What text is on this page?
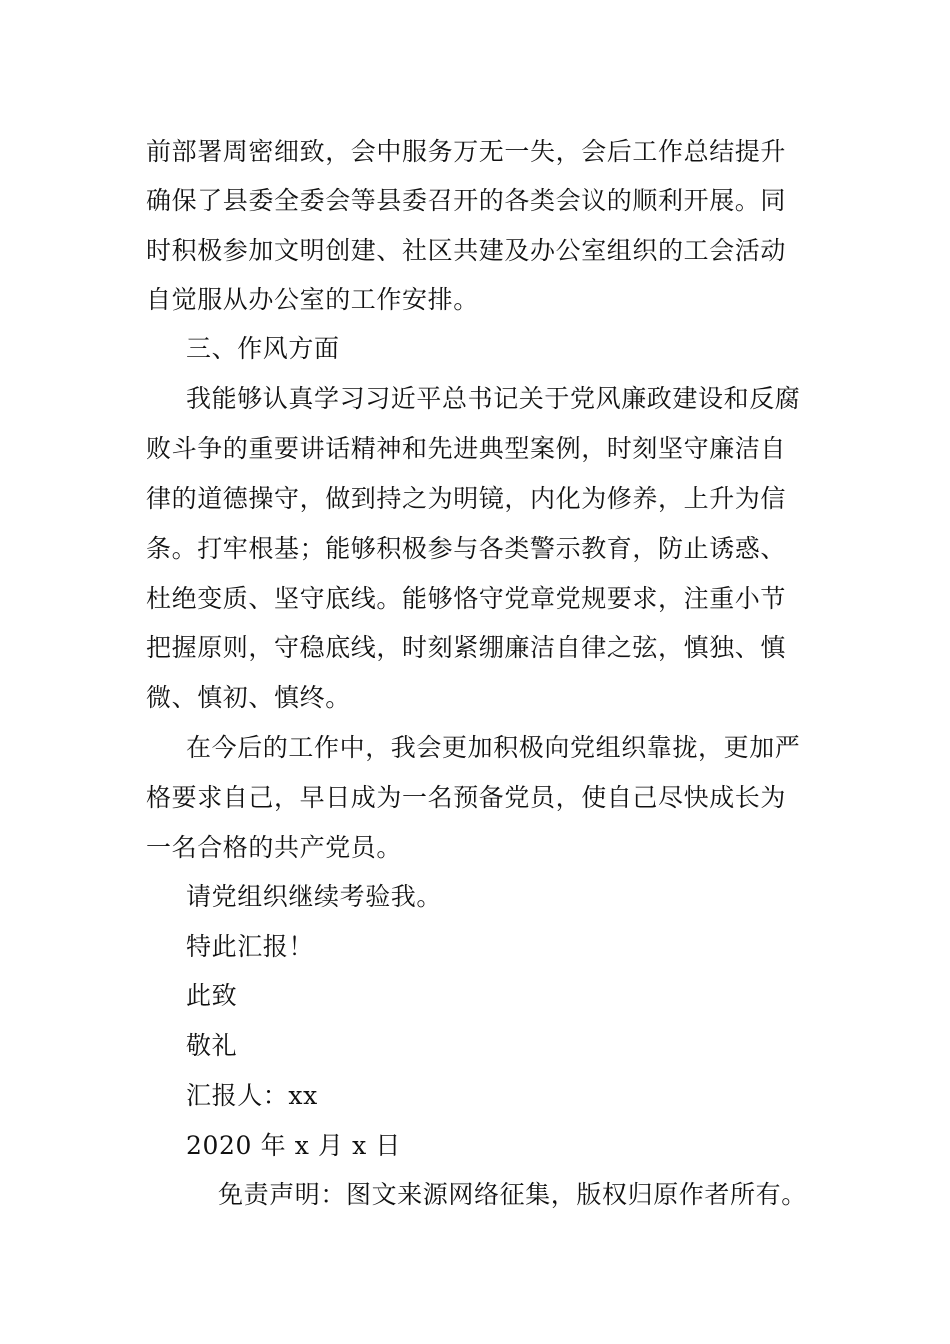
前部署周密细致，会中服务万无一失，会后工作总结提升
确保了县委全委会等县委召开的各类会议的顺利开展。同
时积极参加文明创建、社区共建及办公室组织的工会活动
自觉服从办公室的工作安排。
三、作风方面
我能够认真学习习近平总书记关于党风廉政建设和反腐
败斗争的重要讲话精神和先进典型案例，时刻坚守廉洁自
律的道德操守，做到持之为明镜，内化为修养，上升为信
条。打牢根基；能够积极参与各类警示教育，防止诱惑、
杜绝变质、坚守底线。能够恪守党章党规要求，注重小节
把握原则，守稳底线，时刻紧绷廉洁自律之弦，慎独、慎
微、慎初、慎终。
在今后的工作中，我会更加积极向党组织靠拢，更加严
格要求自己，早日成为一名预备党员，使自己尽快成长为
一名合格的共产党员。
请党组织继续考验我。
特此汇报！
此致
敬礼
汇报人：xx
2020 年 x 月 x 日
免责声明：图文来源网络征集，版权归原作者所有。
